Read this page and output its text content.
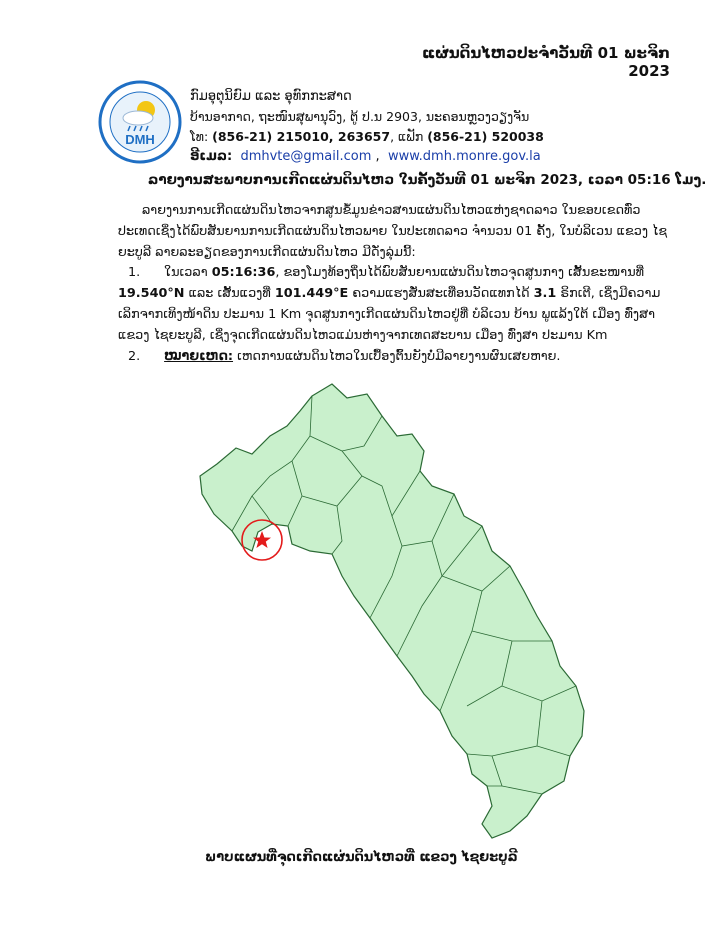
ແຜ່ນດິນໄຫວປະຈຳວັນທີ 01 ພະຈິກ 2023
DMH
ກົມອຸຕຸນິຍົມ ແລະ ອຸທົກກະສາດ
ບ້ານອາກາດ, ຖະໜົນສຸພານຸວົງ, ຕູ້ ປ.ນ 2903, ນະຄອນຫຼວງວຽງຈັນ
ໂທ: (856-21) 215010, 263657, ແຟັກ (856-21) 520038
ອີເມລ: dmhvte@gmail.com , www.dmh.monre.gov.la
ລາຍງານສະພາບການເກີດແຜ່ນດິນໄຫວ ໃນຄັ້ງວັນທີ 01 ພະຈິກ 2023, ເວລາ 05:16 ໂມງ.
ລາຍງານການເກີດແຜ່ນດິນໄຫວຈາກສູນຂໍ້ມູນຂ່າວສານແຜ່ນດິນໄຫວແຫ່ງຊາດລາວ ໃນຂອບເຂດທົ່ວປະເທດເຊິ່ງໄດ້ພົບສັນຍານການເກີດແຜ່ນດິນໄຫວພາຍ ໃນປະເທດລາວ ຈຳນວນ 01 ຄັ້ງ, ໃນບໍລິເວນ ແຂວງ ໄຊຍະບູລີ ລາຍລະອຽດຂອງການເກີດແຜ່ນດິນໄຫວ ມີດັ່ງລຸ່ມນີ້:
1. ໃນເວລາ 05:16:36, ຂອງໂມງທ້ອງຖິ່ນໄດ້ພົບສັນຍານແຜ່ນດິນໄຫວຈຸດສູນກາງ ເສັ້ນຂະໜານທີ່ 19.540°N ແລະ ເສັ້ນແວງທີ່ 101.449°E ຄວາມແຮງສັ່ນສະເທືອນວັດແທກໄດ້ 3.1 ຣິກເຕີ, ເຊິ່ງມີຄວາມເລິກຈາກເທິງໜ້າດິນ ປະມານ 1 Km ຈຸດສູນກາງເກີດແຜ່ນດິນໄຫວຢູ່ທີ່ ບໍລິເວນ ບ້ານ ພູແລ້ງໃຕ້ ເມືອງ ທົ່ງສາ ແຂວງ ໄຊຍະບູລີ, ເຊິ່ງຈຸດເກີດແຜ່ນດິນໄຫວແມ່ນຫ່າງຈາກເທດສະບານ ເມືອງ ທົ່ງສາ ປະມານ Km
2. ໝາຍເຫດ: ເຫດການແຜ່ນດິນໄຫວໃນເບື້ອງຕົ້ນຍັງບໍ່ມີລາຍງານຜົນເສຍຫາຍ.
ພາບແຜນທີ່ຈຸດເກີດແຜ່ນດິນໄຫວທີ່ ແຂວງ ໄຊຍະບູລີ
